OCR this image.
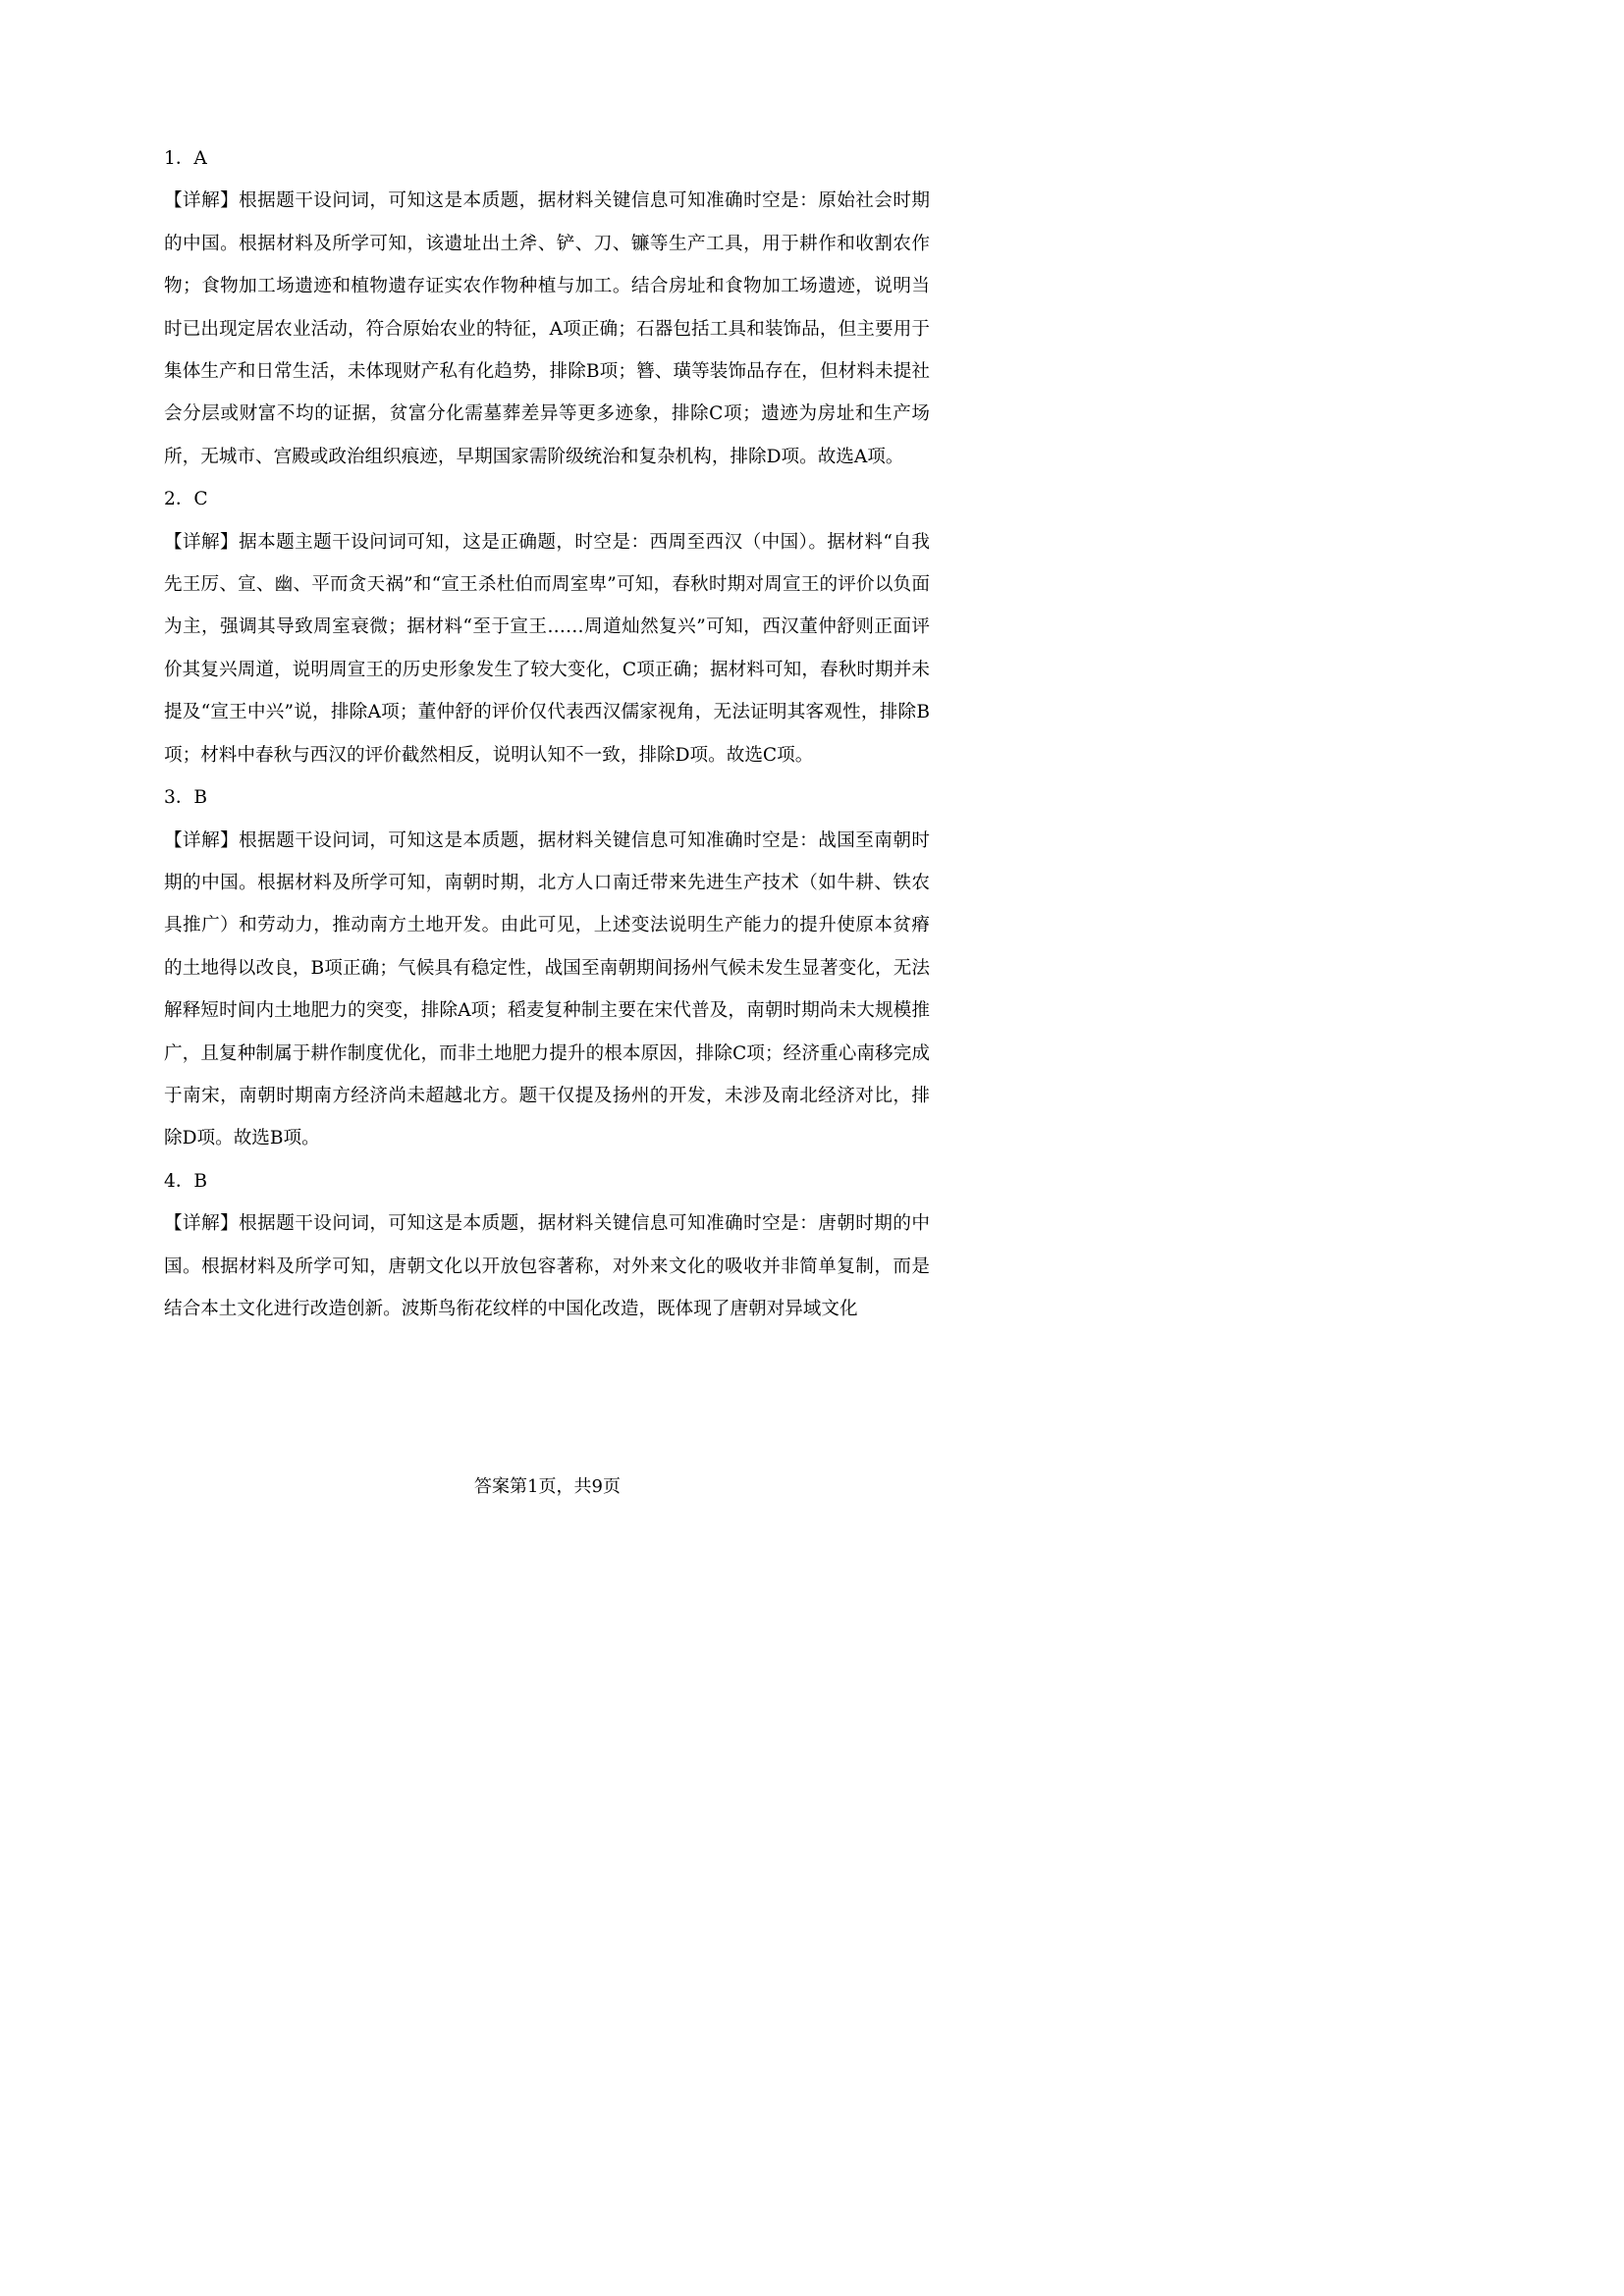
1．A

【详解】根据题干设问词，可知这是本质题，据材料关键信息可知准确时空是：原始社会时期的中国。根据材料及所学可知，该遗址出土斧、铲、刀、镰等生产工具，用于耕作和收割农作物；食物加工场遗迹和植物遗存证实农作物种植与加工。结合房址和食物加工场遗迹，说明当时已出现定居农业活动，符合原始农业的特征，A项正确；石器包括工具和装饰品，但主要用于集体生产和日常生活，未体现财产私有化趋势，排除B项；簪、璜等装饰品存在，但材料未提社会分层或财富不均的证据，贫富分化需墓葬差异等更多迹象，排除C项；遗迹为房址和生产场所，无城市、宫殿或政治组织痕迹，早期国家需阶级统治和复杂机构，排除D项。故选A项。

2．C

【详解】据本题主题干设问词可知，这是正确题，时空是：西周至西汉（中国）。据材料“自我先王厉、宣、幽、平而贪天祸”和“宣王杀杜伯而周室卑”可知，春秋时期对周宣王的评价以负面为主，强调其导致周室衰微；据材料“至于宣王……周道灿然复兴”可知，西汉董仲舒则正面评价其复兴周道，说明周宣王的历史形象发生了较大变化，C项正确；据材料可知，春秋时期并未提及“宣王中兴”说，排除A项；董仲舒的评价仅代表西汉儒家视角，无法证明其客观性，排除B项；材料中春秋与西汉的评价截然相反，说明认知不一致，排除D项。故选C项。

3．B

【详解】根据题干设问词，可知这是本质题，据材料关键信息可知准确时空是：战国至南朝时期的中国。根据材料及所学可知，南朝时期，北方人口南迁带来先进生产技术（如牛耕、铁农具推广）和劳动力，推动南方土地开发。由此可见，上述变法说明生产能力的提升使原本贫瘠的土地得以改良，B项正确；气候具有稳定性，战国至南朝期间扬州气候未发生显著变化，无法解释短时间内土地肥力的突变，排除A项；稻麦复种制主要在宋代普及，南朝时期尚未大规模推广，且复种制属于耕作制度优化，而非土地肥力提升的根本原因，排除C项；经济重心南移完成于南宋，南朝时期南方经济尚未超越北方。题干仅提及扬州的开发，未涉及南北经济对比，排除D项。故选B项。

4．B

【详解】根据题干设问词，可知这是本质题，据材料关键信息可知准确时空是：唐朝时期的中国。根据材料及所学可知，唐朝文化以开放包容著称，对外来文化的吸收并非简单复制，而是结合本土文化进行改造创新。波斯鸟衔花纹样的中国化改造，既体现了唐朝对异域文化

答案第1页，共9页
